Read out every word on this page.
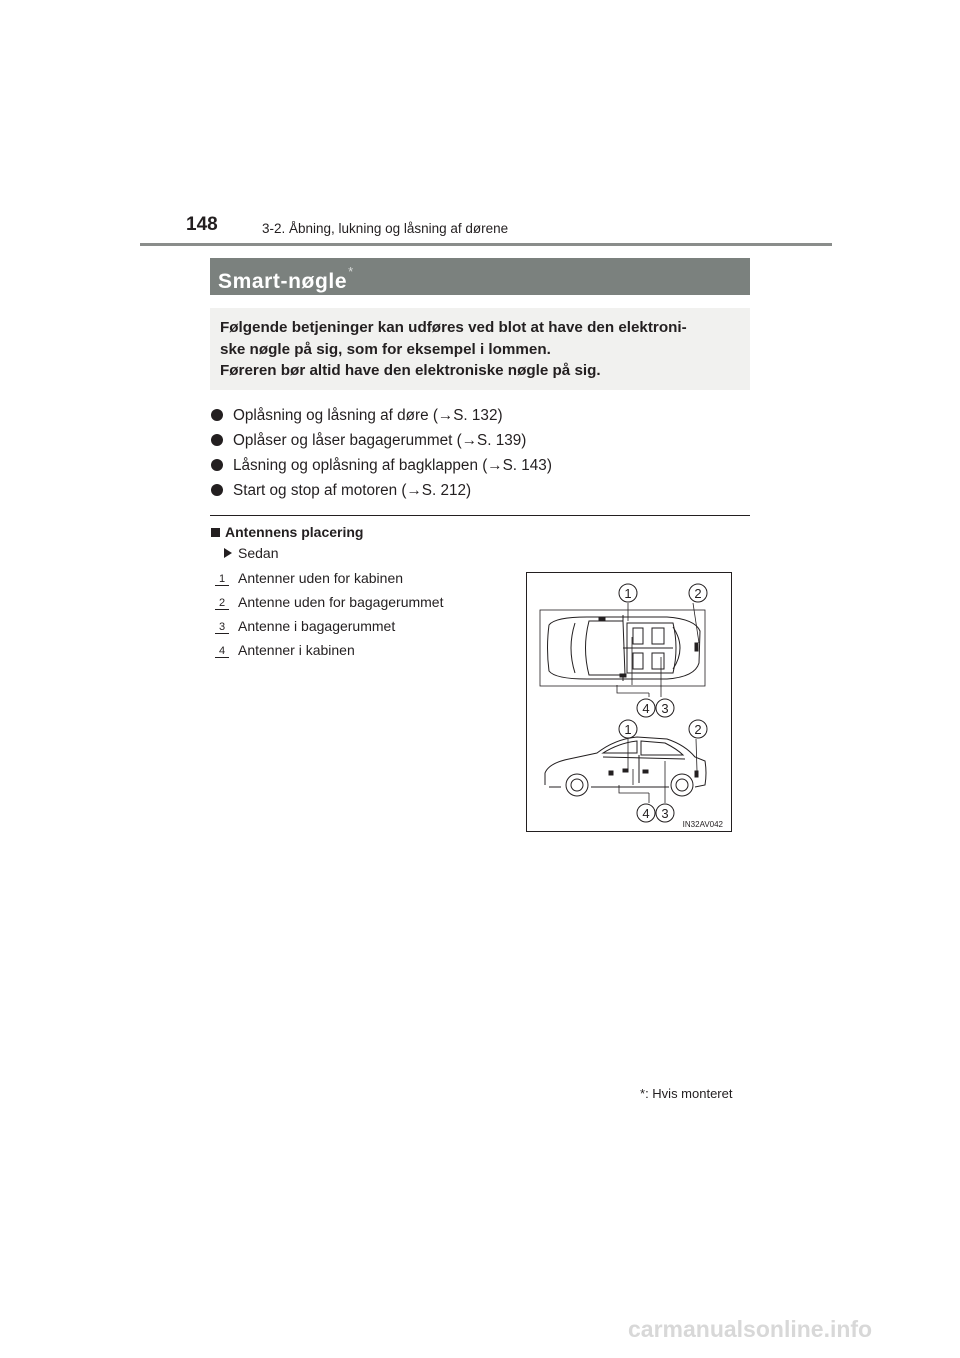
148	3-2. Åbning, lukning og låsning af dørene
Smart-nøgle*
Følgende betjeninger kan udføres ved blot at have den elektroni-
ske nøgle på sig, som for eksempel i lommen.
Føreren bør altid have den elektroniske nøgle på sig.
Oplåsning og låsning af døre (→S. 132)
Oplåser og låser bagagerummet (→S. 139)
Låsning og oplåsning af bagklappen (→S. 143)
Start og stop af motoren (→S. 212)
Antennens placering
Sedan
1 Antenner uden for kabinen
2 Antenne uden for bagagerummet
3 Antenne i bagagerummet
4 Antenner i kabinen
1	2
4 3
1	2
4 3
IN32AV042
*: Hvis monteret
carmanualsonline.info
